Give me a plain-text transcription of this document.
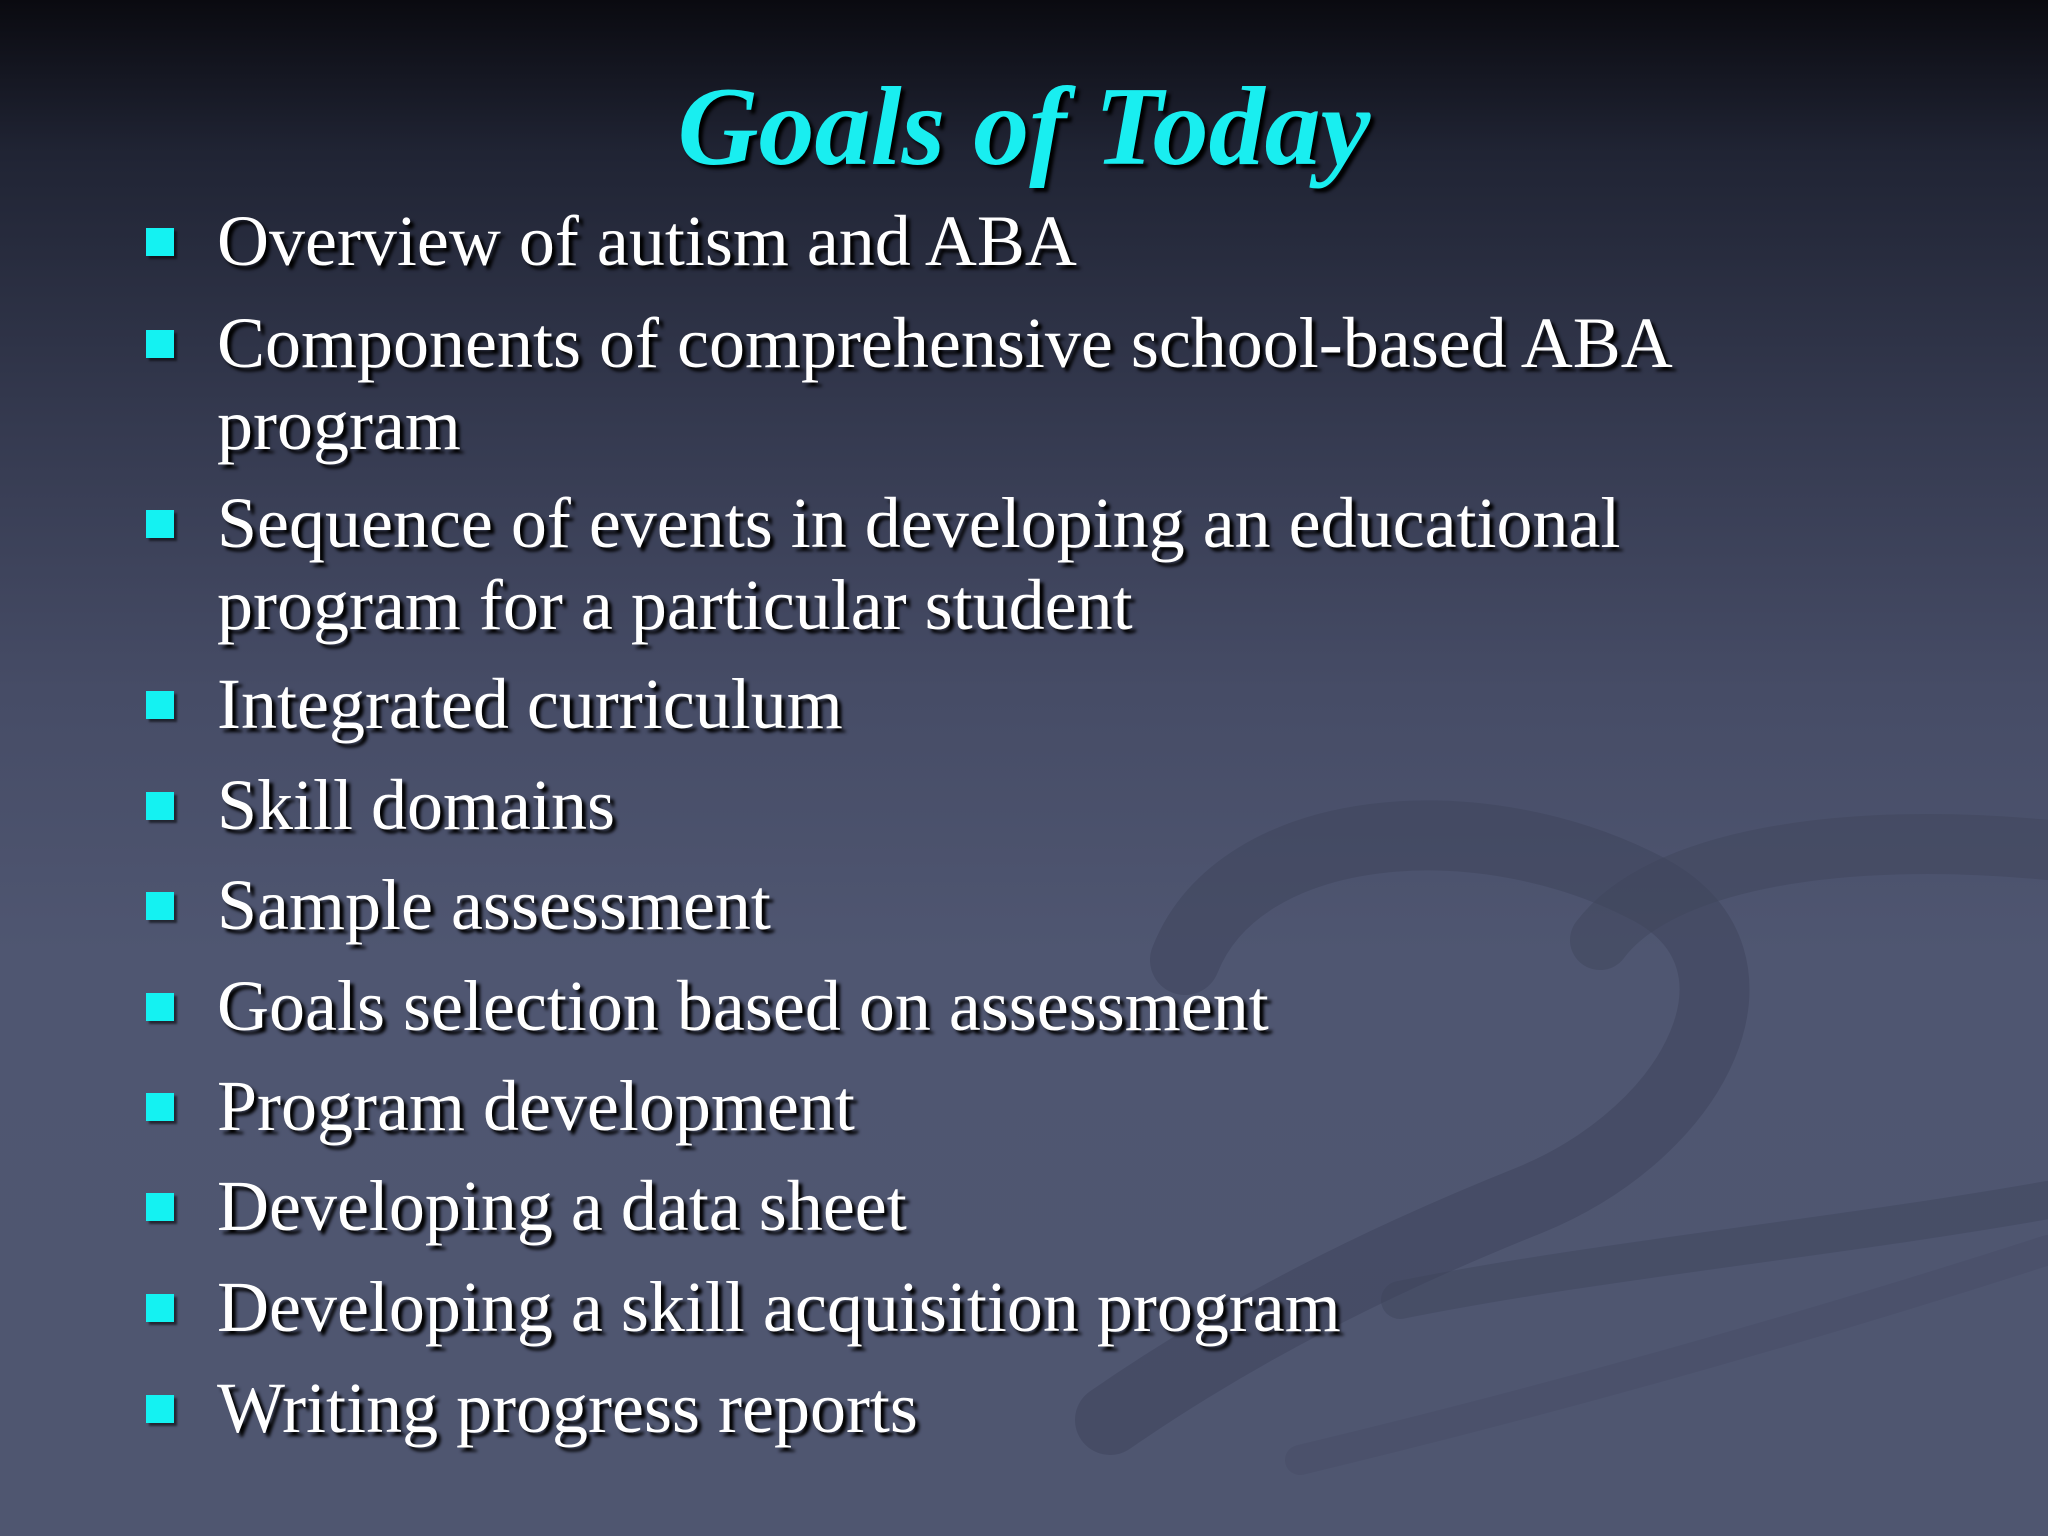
Goals of Today
Overview of autism and ABA
Components of comprehensive school-based ABA program
Sequence of events in developing an educational program for a particular student
Integrated curriculum
Skill domains
Sample assessment
Goals selection based on assessment
Program development
Developing a data sheet
Developing a skill acquisition program
Writing progress reports
